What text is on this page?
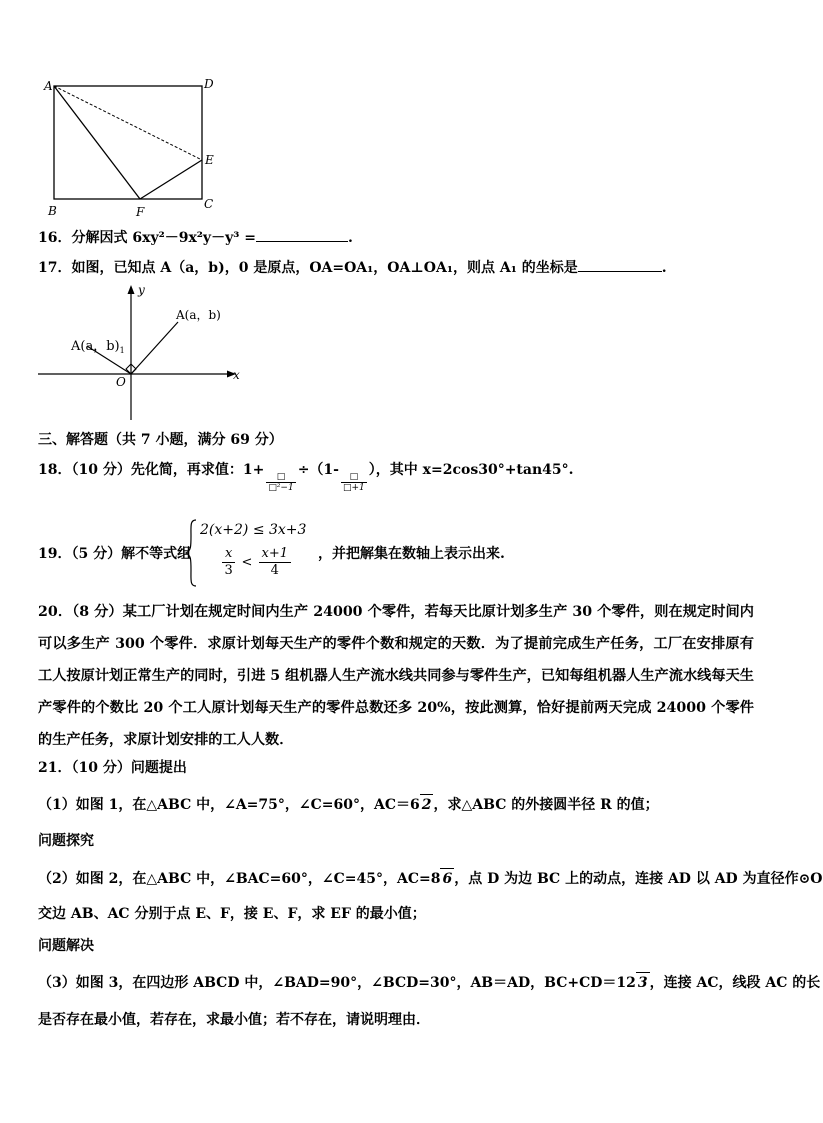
A	D
E
B	F
C
16．分解因式 6xy²－9x²y－y³ =	.
17．如图，已知点 A（a，b)，0 是原点，OA=OA₁，OA⊥OA₁，则点 A₁ 的坐标是	.
y
x
O
A(a，b)
A(a，$b)_1$
三、解答题（共 7 小题，满分 69 分）
18．（10 分）先化简，再求值：1+
$\frac{□}{\text{□²−1}}$
÷（1-
$\frac{□}{□+1}$
），其中 x=2cos30°+tan45°.
19．（5 分）解不等式组
2(x+2) ≤ 3x+3
$\frac{x}{3} < \frac{x+1}{4}$ ，并把解集在数轴上表示出来.
20．（8 分）某工厂计划在规定时间内生产 24000 个零件，若每天比原计划多生产 30 个零件，则在规定时间内可以多生产 300 个零件．求原计划每天生产的零件个数和规定的天数．为了提前完成生产任务，工厂在安排原有工人按原计划正常生产的同时，引进 5 组机器人生产流水线共同参与零件生产，已知每组机器人生产流水线每天生产零件的个数比 20 个工人原计划每天生产的零件总数还多 20%，按此测算，恰好提前两天完成 24000 个零件的生产任务，求原计划安排的工人人数．
21．（10 分）问题提出
（1）如图 1，在△ABC 中，∠A=75°，∠C=60°，AC＝6 2 ，求△ABC 的外接圆半径 R 的值；
问题探究
（2）如图 2，在△ABC 中，∠BAC=60°，∠C=45°，AC=8 6 ，点 D 为边 BC 上的动点，连接 AD 以 AD 为直径作⊙O
交边 AB、AC 分别于点 E、F，接 E、F，求 EF 的最小值；
问题解决
（3）如图 3，在四边形 ABCD 中，∠BAD=90°，∠BCD=30°，AB＝AD，BC+CD＝12 3 ，连接 AC，线段 AC 的长
是否存在最小值，若存在，求最小值；若不存在，请说明理由．
